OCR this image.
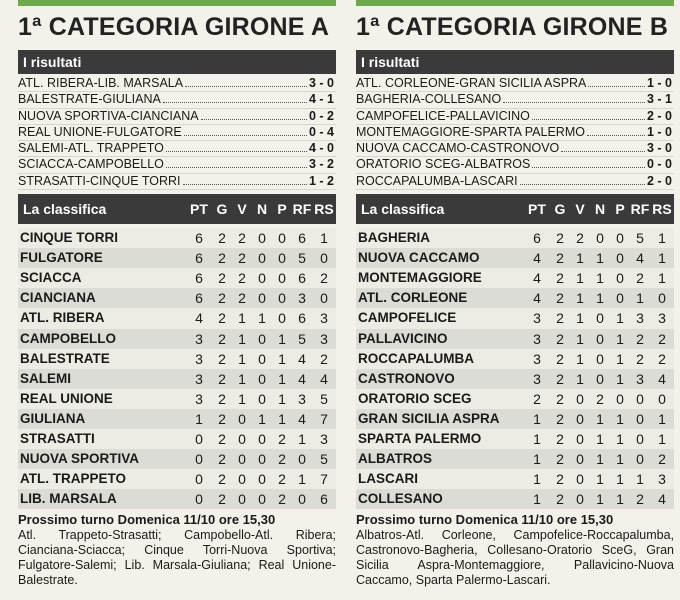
1ª CATEGORIA GIRONE A
I risultati
ATL. RIBERA-LIB. MARSALA	3 - 0
BALESTRATE-GIULIANA	4 - 1
NUOVA SPORTIVA-CIANCIANA	0 - 2
REAL UNIONE-FULGATORE	0 - 4
SALEMI-ATL. TRAPPETO	4 - 0
SCIACCA-CAMPOBELLO	3 - 2
STRASATTI-CINQUE TORRI	1 - 2
La classifica	PT G V N P RF RS
CINQUE TORRI	6	2 2 0 0 6	1
FULGATORE	6	2 2 0 0 5	0
SCIACCA	6	2 2 0 0 6	2
CIANCIANA	6	2 2 0 0 3	0
ATL. RIBERA	4	2 1 1 0 6	3
CAMPOBELLO	3	2 1 0 1 5	3
BALESTRATE	3	2 1 0 1 4	2
SALEMI	3	2 1 0 1 4	4
REAL UNIONE	3	2 1 0 1 3	5
GIULIANA	1	2 0 1 1 4	7
STRASATTI	0	2 0 0 2 1	3
NUOVA SPORTIVA	0	2 0 0 2 0	5
ATL. TRAPPETO	0	2 0 0 2 1	7
LIB. MARSALA	0	2 0 0 2 0	6
Prossimo turno Domenica 11/10 ore 15,30
Atl. Trappeto-Strasatti; Campobello-Atl. Ribera; Cianciana-Sciacca; Cinque Torri-Nuova Sportiva; Fulgatore-Salemi; Lib. Marsala-Giuliana; Real Unione-Balestrate.
1ª CATEGORIA GIRONE B
I risultati
ATL. CORLEONE-GRAN SICILIA ASPRA	1 - 0
BAGHERIA-COLLESANO	3 - 1
CAMPOFELICE-PALLAVICINO	2 - 0
MONTEMAGGIORE-SPARTA PALERMO	1 - 0
NUOVA CACCAMO-CASTRONOVO	3 - 0
ORATORIO SCEG-ALBATROS	0 - 0
ROCCAPALUMBA-LASCARI	2 - 0
La classifica	PT G V N P RF RS
BAGHERIA	6	2 2 0 0 5	1
NUOVA CACCAMO	4	2 1 1 0 4	1
MONTEMAGGIORE	4	2 1 1 0 2	1
ATL. CORLEONE	4	2 1 1 0 1	0
CAMPOFELICE	3	2 1 0 1 3	3
PALLAVICINO	3	2 1 0 1 2	2
ROCCAPALUMBA	3	2 1 0 1 2	2
CASTRONOVO	3	2 1 0 1 3	4
ORATORIO SCEG	2	2 0 2 0 0	0
GRAN SICILIA ASPRA	1	2 0 1 1 0	1
SPARTA PALERMO	1	2 0 1 1 0	1
ALBATROS	1	2 0 1 1 0	2
LASCARI	1	2 0 1 1 1	3
COLLESANO	1	2 0 1 1 2	4
Prossimo turno Domenica 11/10 ore 15,30
Albatros-Atl. Corleone, Campofelice-Roccapalumba, Castronovo-Bagheria, Collesano-Oratorio SceG, Gran Sicilia Aspra-Montemaggiore, Pallavicino-Nuova Caccamo, Sparta Palermo-Lascari.
